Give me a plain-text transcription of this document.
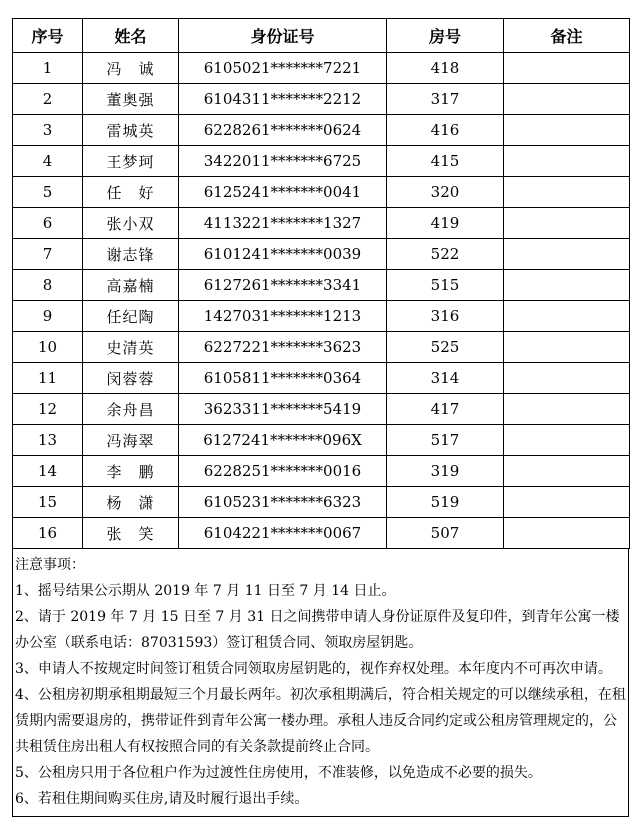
序号	姓名	身份证号	房号	备注
1	冯　诚	6105021*******7221	418	
2	董奥强	6104311*******2212	317	
3	雷城英	6228261*******0624	416	
4	王梦珂	3422011*******6725	415	
5	任　好	6125241*******0041	320	
6	张小双	4113221*******1327	419	
7	谢志锋	6101241*******0039	522	
8	高嘉楠	6127261*******3341	515	
9	任纪陶	1427031*******1213	316	
10	史清英	6227221*******3623	525	
11	闵蓉蓉	6105811*******0364	314	
12	余舟昌	3623311*******5419	417	
13	冯海翠	6127241*******096X	517	
14	李　鹏	6228251*******0016	319	
15	杨　潇	6105231*******6323	519	
16	张　笑	6104221*******0067	507	

注意事项：

1、摇号结果公示期从 2019 年 7 月 11 日至 7 月 14 日止。

2、请于 2019 年 7 月 15 日至 7 月 31 日之间携带申请人身份证原件及复印件，到青年公寓一楼办公室（联系电话：87031593）签订租赁合同、领取房屋钥匙。

3、申请人不按规定时间签订租赁合同领取房屋钥匙的，视作弃权处理。本年度内不可再次申请。

4、公租房初期承租期最短三个月最长两年。初次承租期满后，符合相关规定的可以继续承租，在租赁期内需要退房的，携带证件到青年公寓一楼办理。承租人违反合同约定或公租房管理规定的，公共租赁住房出租人有权按照合同的有关条款提前终止合同。

5、公租房只用于各位租户作为过渡性住房使用，不准装修，以免造成不必要的损失。

6、若租住期间购买住房,请及时履行退出手续。
